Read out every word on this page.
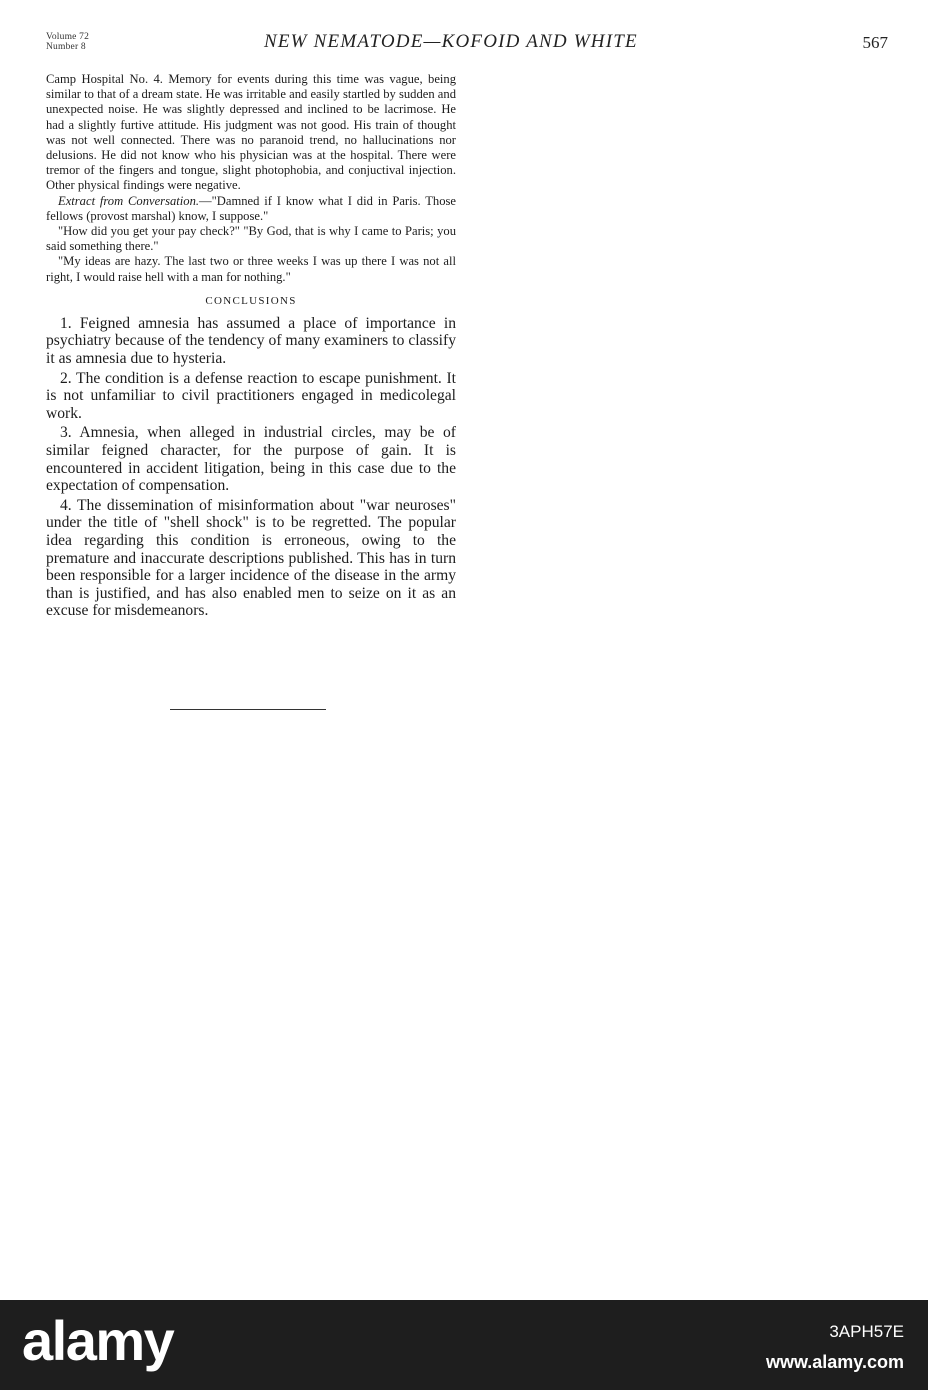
Volume 72
Number 8	NEW NEMATODE—KOFOID AND WHITE	567

Camp Hospital No. 4. Memory for events during this time was vague, being similar to that of a dream state. He was irritable and easily startled by sudden and unexpected noise. He was slightly depressed and inclined to be lacrimose. He had a slightly furtive attitude. His judgment was not good. His train of thought was not well connected. There was no paranoid trend, no hallucinations nor delusions. He did not know who his physician was at the hospital. There were tremor of the fingers and tongue, slight photophobia, and conjuctival injection. Other physical findings were negative.

Extract from Conversation.—"Damned if I know what I did in Paris. Those fellows (provost marshal) know, I suppose."

"How did you get your pay check?" "By God, that is why I came to Paris; you said something there."

"My ideas are hazy. The last two or three weeks I was up there I was not all right, I would raise hell with a man for nothing."

CONCLUSIONS

1. Feigned amnesia has assumed a place of importance in psychiatry because of the tendency of many examiners to classify it as amnesia due to hysteria.

2. The condition is a defense reaction to escape punishment. It is not unfamiliar to civil practitioners engaged in medicolegal work.

3. Amnesia, when alleged in industrial circles, may be of similar feigned character, for the purpose of gain. It is encountered in accident litigation, being in this case due to the expectation of compensation.

4. The dissemination of misinformation about "war neuroses" under the title of "shell shock" is to be regretted. The popular idea regarding this condition is erroneous, owing to the premature and inaccurate descriptions published. This has in turn been responsible for a larger incidence of the disease in the army than is justified, and has also enabled men to seize on it as an excuse for misdemeanors.

alamy	3APH57E
www.alamy.com
